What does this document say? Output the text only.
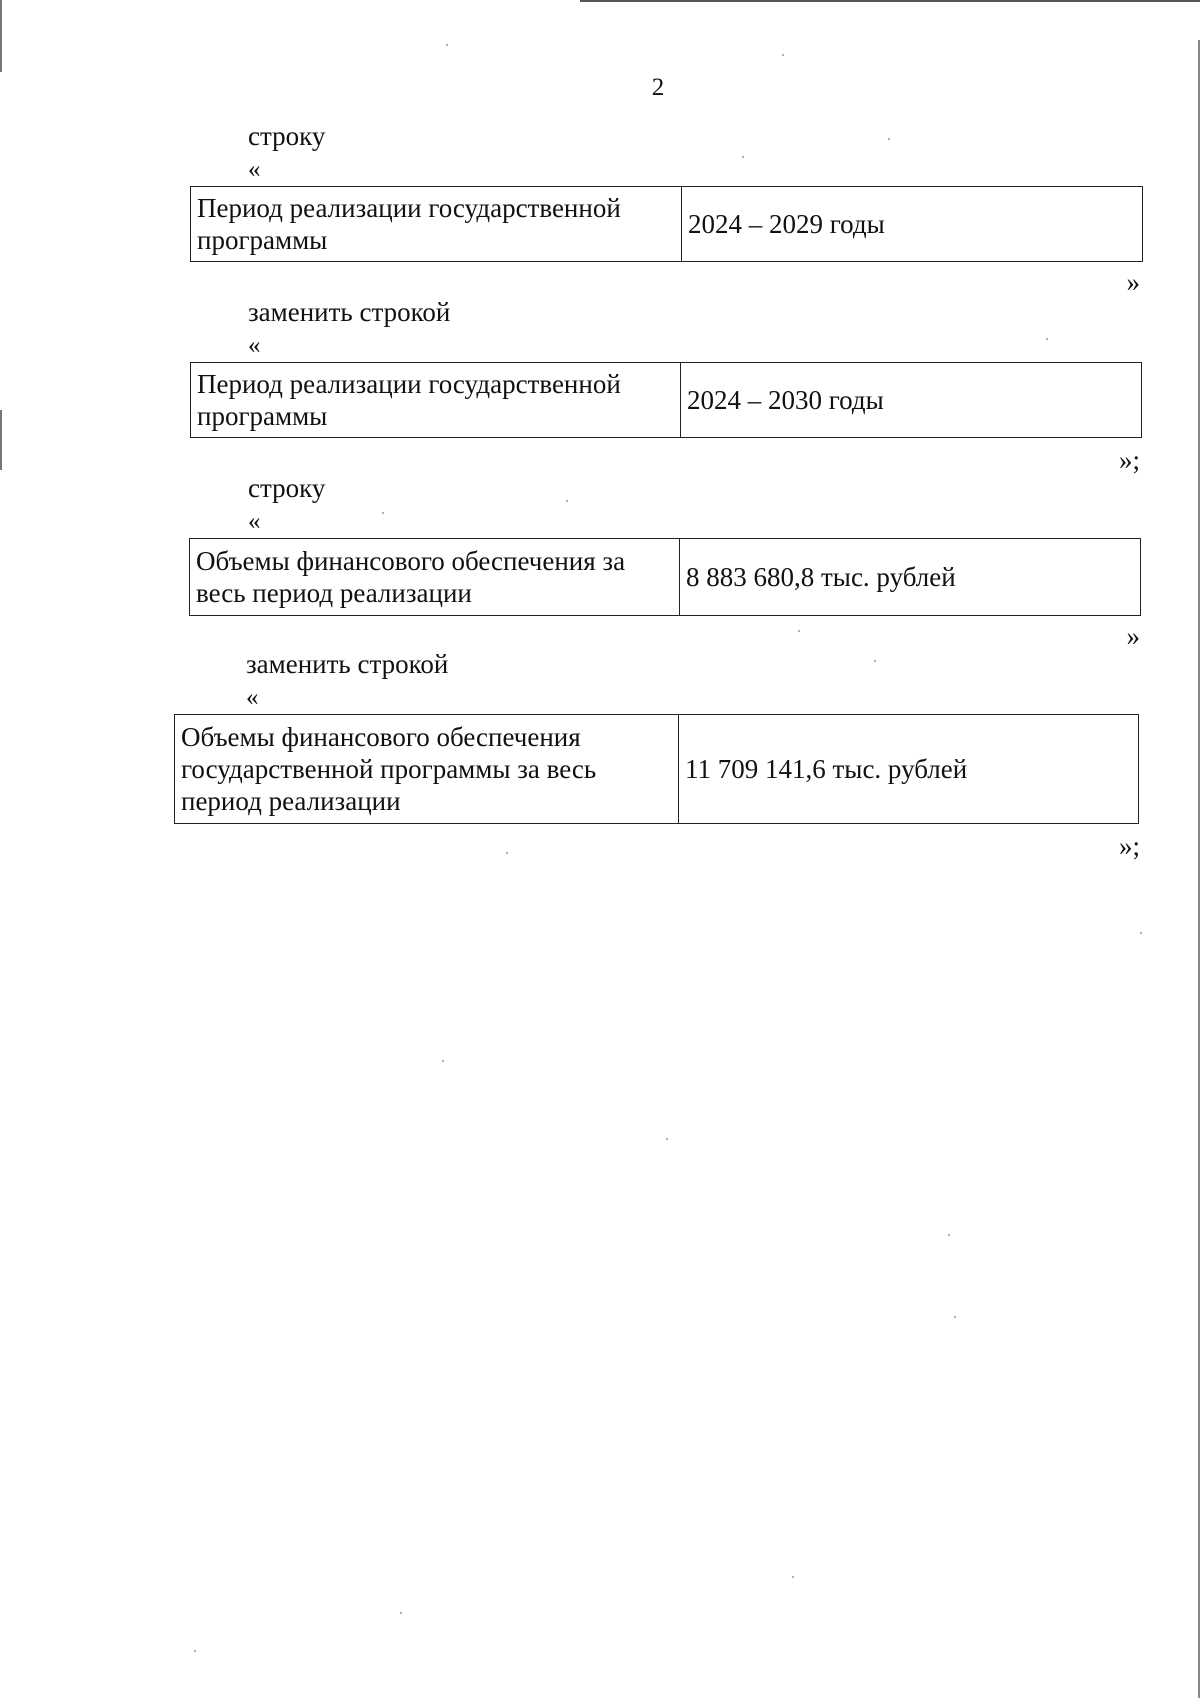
2
строку
«
Период реализации государственной программы
2024 – 2029 годы
»
заменить строкой
«
Период реализации государственной программы
2024 – 2030 годы
»;
строку
«
Объемы финансового обеспечения за весь период реализации
8 883 680,8 тыс. рублей
»
заменить строкой
«
Объемы финансового обеспечения государственной программы за весь период реализации
11 709 141,6 тыс. рублей
»;
